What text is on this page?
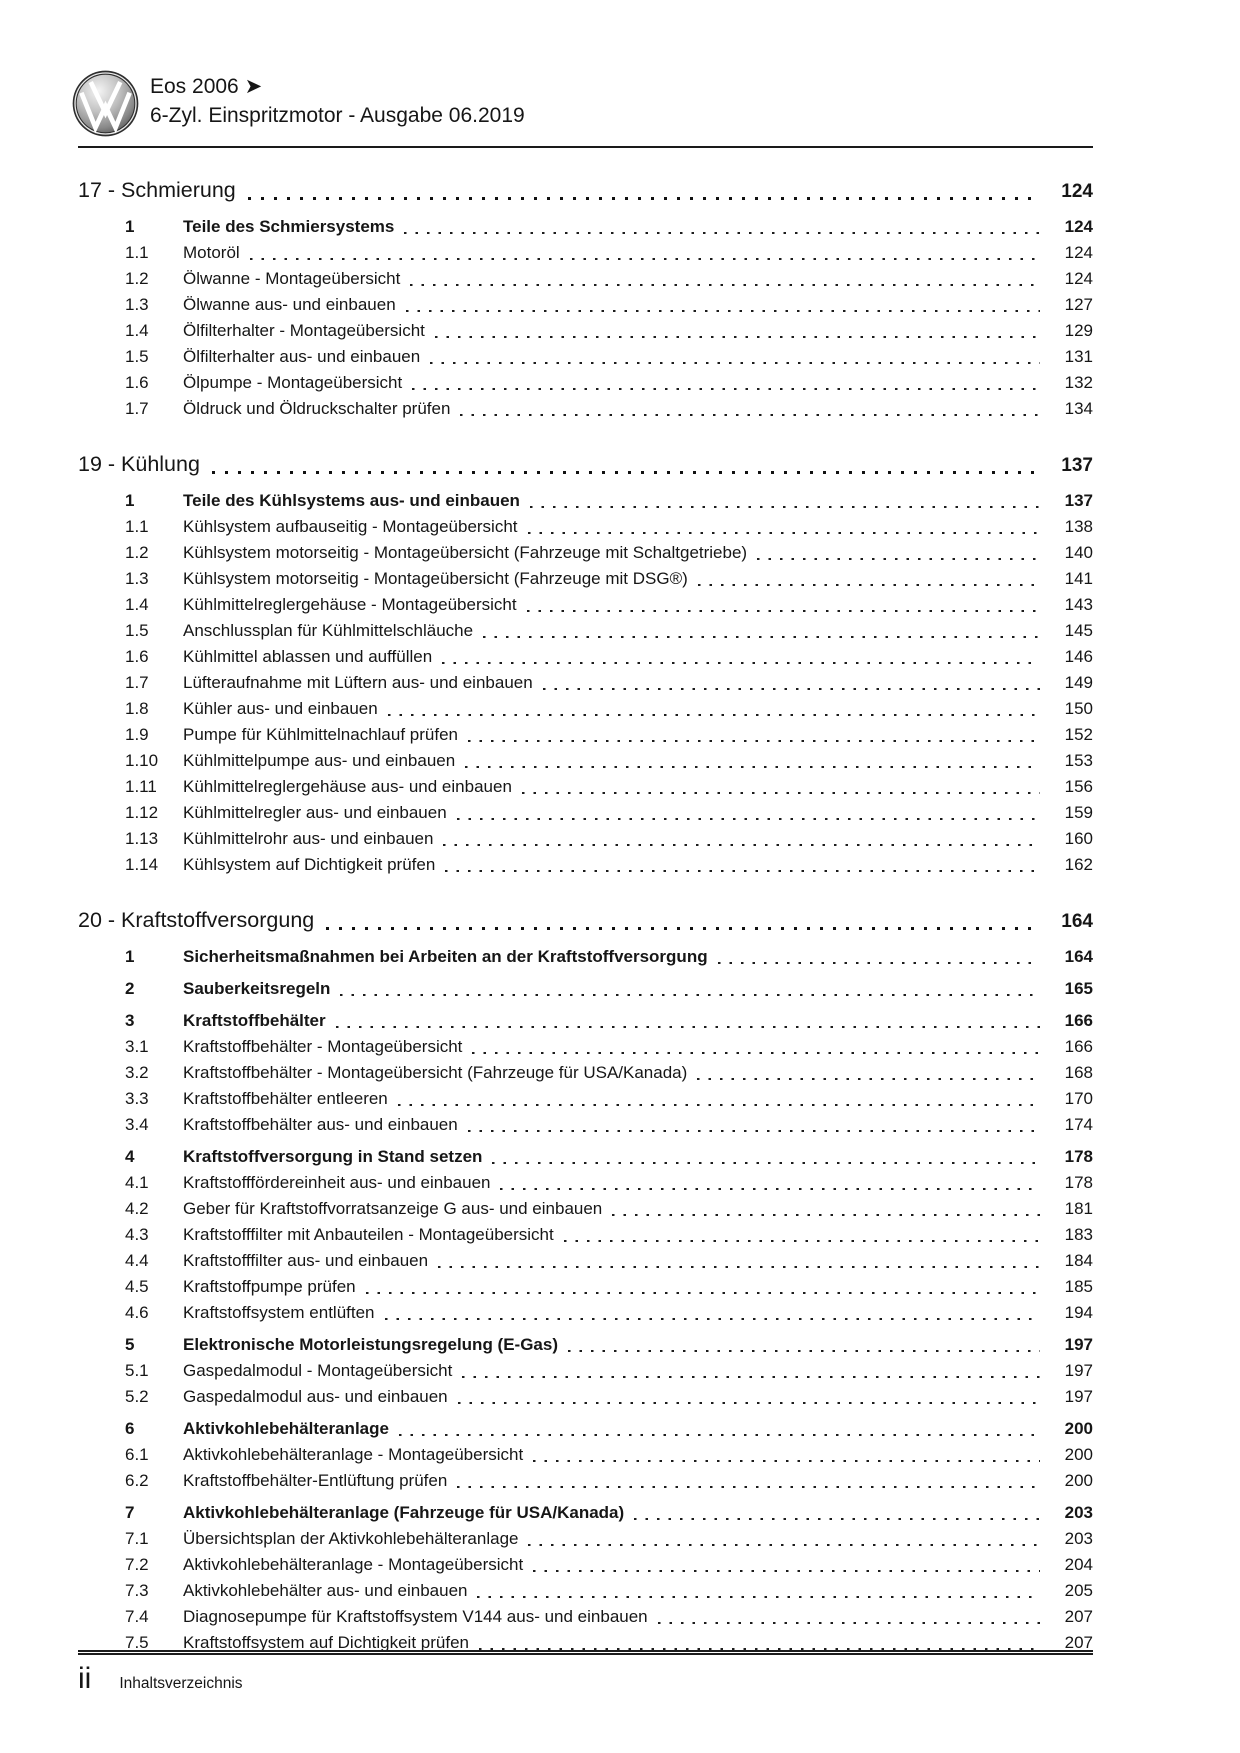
Eos 2006 ➤
6-Zyl. Einspritzmotor - Ausgabe 06.2019
17 - Schmierung	124
1	Teile des Schmiersystems	124
1.1	Motoröl	124
1.2	Ölwanne - Montageübersicht	124
1.3	Ölwanne aus- und einbauen	127
1.4	Ölfilterhalter - Montageübersicht	129
1.5	Ölfilterhalter aus- und einbauen	131
1.6	Ölpumpe - Montageübersicht	132
1.7	Öldruck und Öldruckschalter prüfen	134
19 - Kühlung	137
1	Teile des Kühlsystems aus- und einbauen	137
1.1	Kühlsystem aufbauseitig - Montageübersicht	138
1.2	Kühlsystem motorseitig - Montageübersicht (Fahrzeuge mit Schaltgetriebe)	140
1.3	Kühlsystem motorseitig - Montageübersicht (Fahrzeuge mit DSG®)	141
1.4	Kühlmittelreglergehäuse - Montageübersicht	143
1.5	Anschlussplan für Kühlmittelschläuche	145
1.6	Kühlmittel ablassen und auffüllen	146
1.7	Lüfteraufnahme mit Lüftern aus- und einbauen	149
1.8	Kühler aus- und einbauen	150
1.9	Pumpe für Kühlmittelnachlauf prüfen	152
1.10	Kühlmittelpumpe aus- und einbauen	153
1.11	Kühlmittelreglergehäuse aus- und einbauen	156
1.12	Kühlmittelregler aus- und einbauen	159
1.13	Kühlmittelrohr aus- und einbauen	160
1.14	Kühlsystem auf Dichtigkeit prüfen	162
20 - Kraftstoffversorgung	164
1	Sicherheitsmaßnahmen bei Arbeiten an der Kraftstoffversorgung	164
2	Sauberkeitsregeln	165
3	Kraftstoffbehälter	166
3.1	Kraftstoffbehälter - Montageübersicht	166
3.2	Kraftstoffbehälter - Montageübersicht (Fahrzeuge für USA/Kanada)	168
3.3	Kraftstoffbehälter entleeren	170
3.4	Kraftstoffbehälter aus- und einbauen	174
4	Kraftstoffversorgung in Stand setzen	178
4.1	Kraftstofffördereinheit aus- und einbauen	178
4.2	Geber für Kraftstoffvorratsanzeige G aus- und einbauen	181
4.3	Kraftstofffilter mit Anbauteilen - Montageübersicht	183
4.4	Kraftstofffilter aus- und einbauen	184
4.5	Kraftstoffpumpe prüfen	185
4.6	Kraftstoffsystem entlüften	194
5	Elektronische Motorleistungsregelung (E-Gas)	197
5.1	Gaspedalmodul - Montageübersicht	197
5.2	Gaspedalmodul aus- und einbauen	197
6	Aktivkohlebehälteranlage	200
6.1	Aktivkohlebehälteranlage - Montageübersicht	200
6.2	Kraftstoffbehälter-Entlüftung prüfen	200
7	Aktivkohlebehälteranlage (Fahrzeuge für USA/Kanada)	203
7.1	Übersichtsplan der Aktivkohlebehälteranlage	203
7.2	Aktivkohlebehälteranlage - Montageübersicht	204
7.3	Aktivkohlebehälter aus- und einbauen	205
7.4	Diagnosepumpe für Kraftstoffsystem V144 aus- und einbauen	207
7.5	Kraftstoffsystem auf Dichtigkeit prüfen	207
ii Inhaltsverzeichnis
